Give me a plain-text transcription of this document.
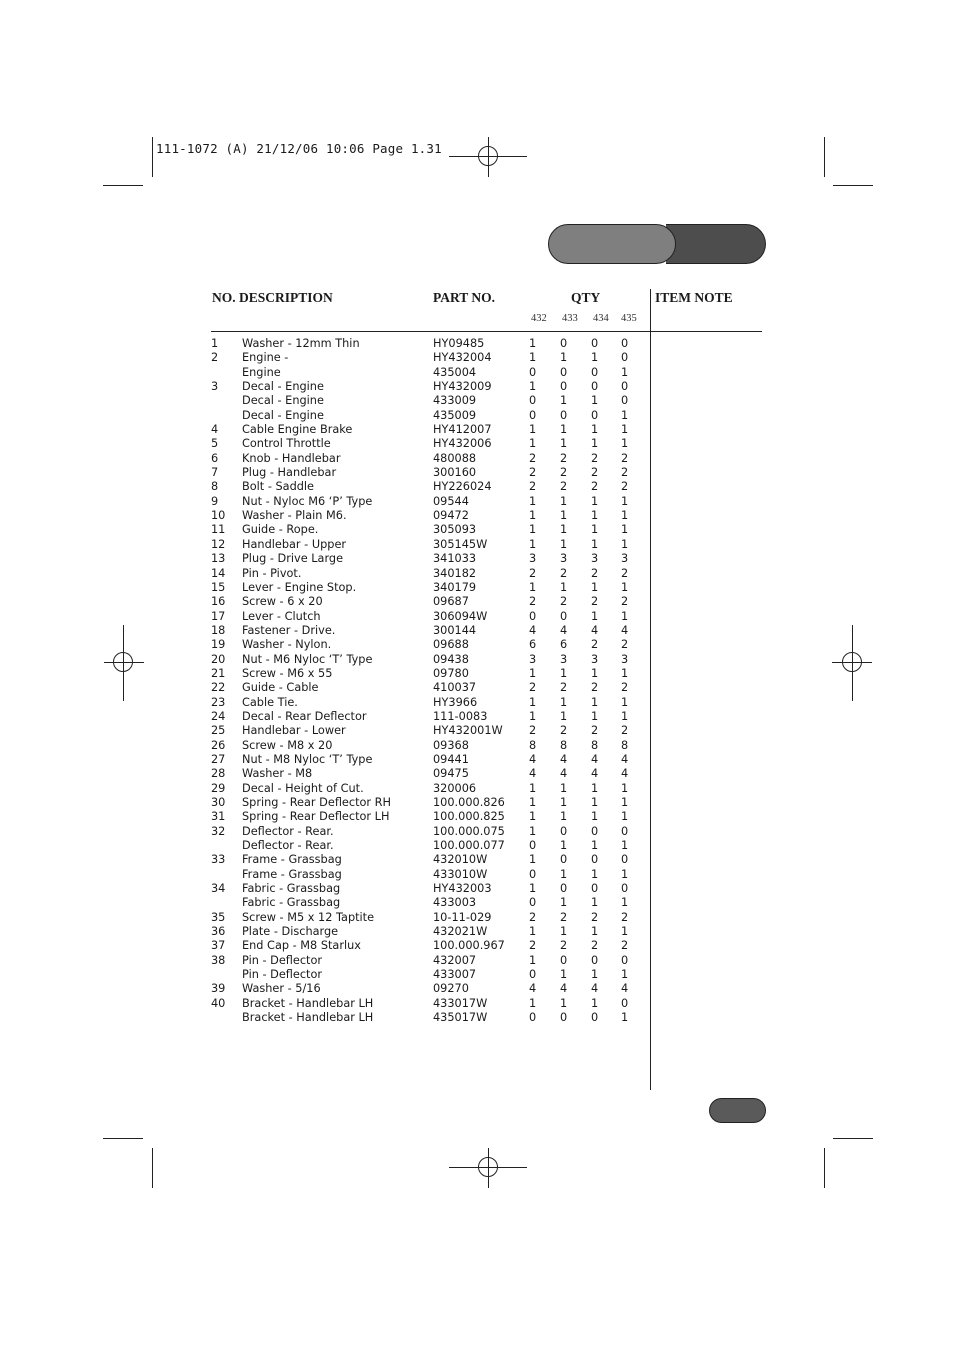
111-1072 (A) 21/12/06 10:06 Page 1.31
NO. DESCRIPTION	PART NO.	QTY	ITEM NOTE
432 433 434 435
1 Washer - 12mm Thin	HY09485	1 0 0 0
2 Engine -	HY432004	1 1 1 0
Engine	435004	0 0 0 1
3 Decal - Engine	HY432009	1 0 0 0
Decal - Engine	433009	0 1 1 0
Decal - Engine	435009	0 0 0 1
4 Cable Engine Brake	HY412007	1 1 1 1
5 Control Throttle	HY432006	1 1 1 1
6 Knob - Handlebar	480088	2 2 2 2
7 Plug - Handlebar	300160	2 2 2 2
8 Bolt - Saddle	HY226024	2 2 2 2
9 Nut - Nyloc M6 ‘P’ Type	09544	1 1 1 1
10 Washer - Plain M6.	09472	1 1 1 1
11 Guide - Rope.	305093	1 1 1 1
12 Handlebar - Upper	305145W	1 1 1 1
13 Plug - Drive Large	341033	3 3 3 3
14 Pin - Pivot.	340182	2 2 2 2
15 Lever - Engine Stop.	340179	1 1 1 1
16 Screw - 6 x 20	09687	2 2 2 2
17 Lever - Clutch	306094W	0 0 1 1
18 Fastener - Drive.	300144	4 4 4 4
19 Washer - Nylon.	09688	6 6 2 2
20 Nut - M6 Nyloc ‘T’ Type	09438	3 3 3 3
21 Screw - M6 x 55	09780	1 1 1 1
22 Guide - Cable	410037	2 2 2 2
23 Cable Tie.	HY3966	1 1 1 1
24 Decal - Rear Deflector	111-0083	1 1 1 1
25 Handlebar - Lower	HY432001W 2 2 2 2
26 Screw - M8 x 20	09368	8 8 8 8
27 Nut - M8 Nyloc ‘T’ Type	09441	4 4 4 4
28 Washer - M8	09475	4 4 4 4
29 Decal - Height of Cut.	320006	1 1 1 1
30 Spring - Rear Deflector RH	100.000.826 1 1 1 1
31 Spring - Rear Deflector LH	100.000.825 1 1 1 1
32 Deflector - Rear.	100.000.075 1 0 0 0
Deflector - Rear.	100.000.077 0 1 1 1
33 Frame - Grassbag	432010W	1 0 0 0
Frame - Grassbag	433010W	0 1 1 1
34 Fabric - Grassbag	HY432003	1 0 0 0
Fabric - Grassbag	433003	0 1 1 1
35 Screw - M5 x 12 Taptite	10-11-029	2 2 2 2
36 Plate - Discharge	432021W	1 1 1 1
37 End Cap - M8 Starlux	100.000.967 2 2 2 2
38 Pin - Deflector	432007	1 0 0 0
Pin - Deflector	433007	0 1 1 1
39 Washer - 5/16	09270	4 4 4 4
40 Bracket - Handlebar LH	433017W	1 1 1 0
Bracket - Handlebar LH	435017W	0 0 0 1
